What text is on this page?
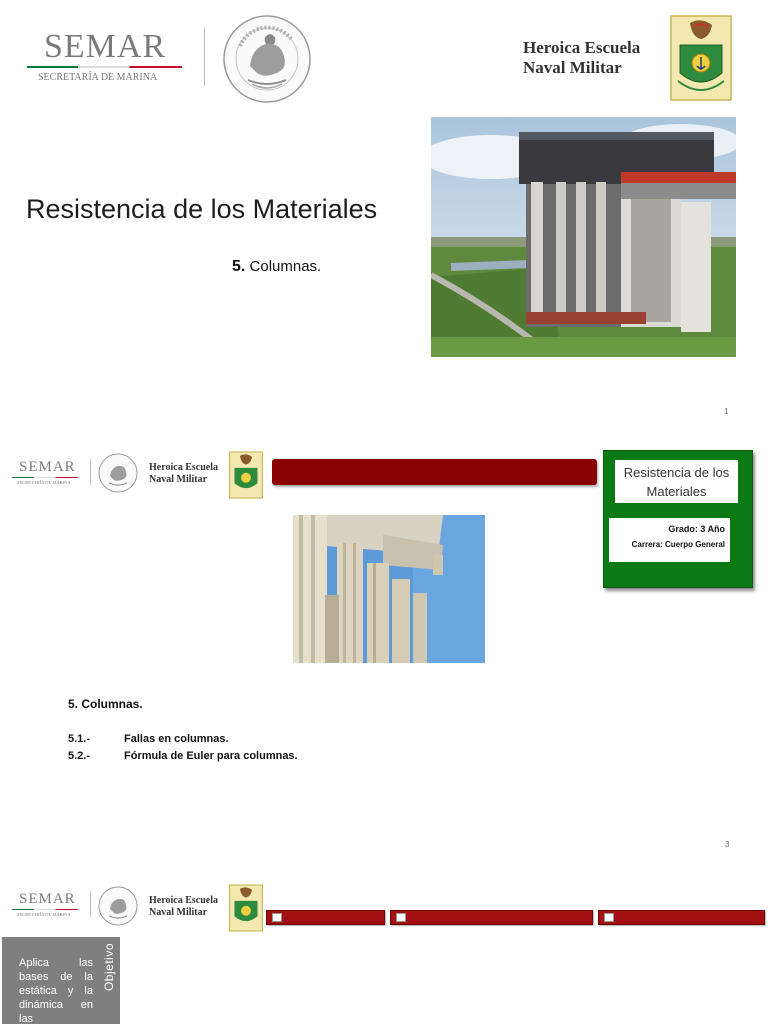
SEMAR
SECRETARÍA DE MARINA
Heroica Escuela
Naval Militar
Resistencia de los Materiales
5. Columnas.
1
SEMAR
SECRETARÍA DE MARINA
Heroica Escuela
Naval Militar	Resistencia de los Materiales
Grado: 3 Año
Carrera: Cuerpo General
5. Columnas.
5.1.-	Fallas en columnas.
5.2.-	Fórmula de Euler para columnas.
3
SEMAR
SECRETARÍA DE MARINA
Heroica Escuela
Naval Militar
Objetivo
Aplica las bases de la estática y la dinámica en las
